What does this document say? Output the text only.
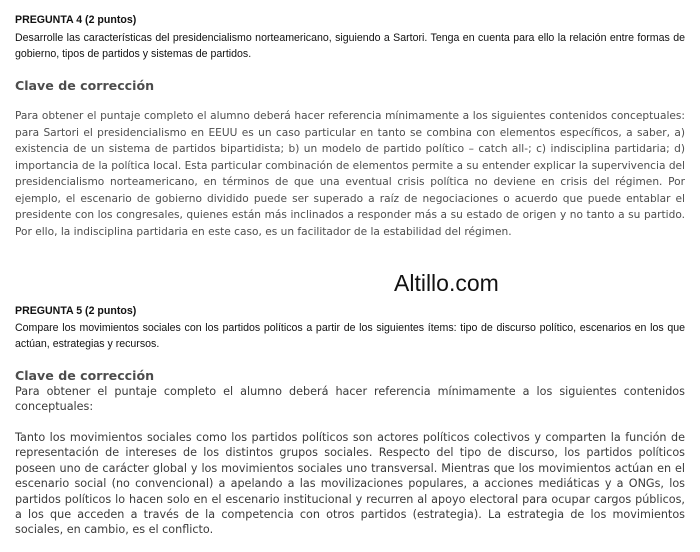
PREGUNTA 4 (2 puntos)
Desarrolle las características del presidencialismo norteamericano, siguiendo a Sartori. Tenga en cuenta para ello la relación entre formas de gobierno, tipos de partidos y sistemas de partidos.
Clave de corrección
Para obtener el puntaje completo el alumno deberá hacer referencia mínimamente a los siguientes contenidos conceptuales: para Sartori el presidencialismo en EEUU es un caso particular en tanto se combina con elementos específicos, a saber, a) existencia de un sistema de partidos bipartidista; b) un modelo de partido político – catch all-; c) indisciplina partidaria; d) importancia de la política local. Esta particular combinación de elementos permite a su entender explicar la supervivencia del presidencialismo norteamericano, en términos de que una eventual crisis política no deviene en crisis del régimen. Por ejemplo, el escenario de gobierno dividido puede ser superado a raíz de negociaciones o acuerdo que puede entablar el presidente con los congresales, quienes están más inclinados a responder más a su estado de origen y no tanto a su partido. Por ello, la indisciplina partidaria en este caso, es un facilitador de la estabilidad del régimen.
Altillo.com
PREGUNTA 5 (2 puntos)
Compare los movimientos sociales con los partidos políticos a partir de los siguientes ítems: tipo de discurso político, escenarios en los que actúan, estrategias y recursos.
Clave de corrección
Para obtener el puntaje completo el alumno deberá hacer referencia mínimamente a los siguientes contenidos conceptuales:
Tanto los movimientos sociales como los partidos políticos son actores políticos colectivos y comparten la función de representación de intereses de los distintos grupos sociales. Respecto del tipo de discurso, los partidos políticos poseen uno de carácter global y los movimientos sociales uno transversal. Mientras que los movimientos actúan en el escenario social (no convencional) a apelando a las movilizaciones populares, a acciones mediáticas y a ONGs, los partidos políticos lo hacen solo en el escenario institucional y recurren al apoyo electoral para ocupar cargos públicos, a los que acceden a través de la competencia con otros partidos (estrategia). La estrategia de los movimientos sociales, en cambio, es el conflicto.
